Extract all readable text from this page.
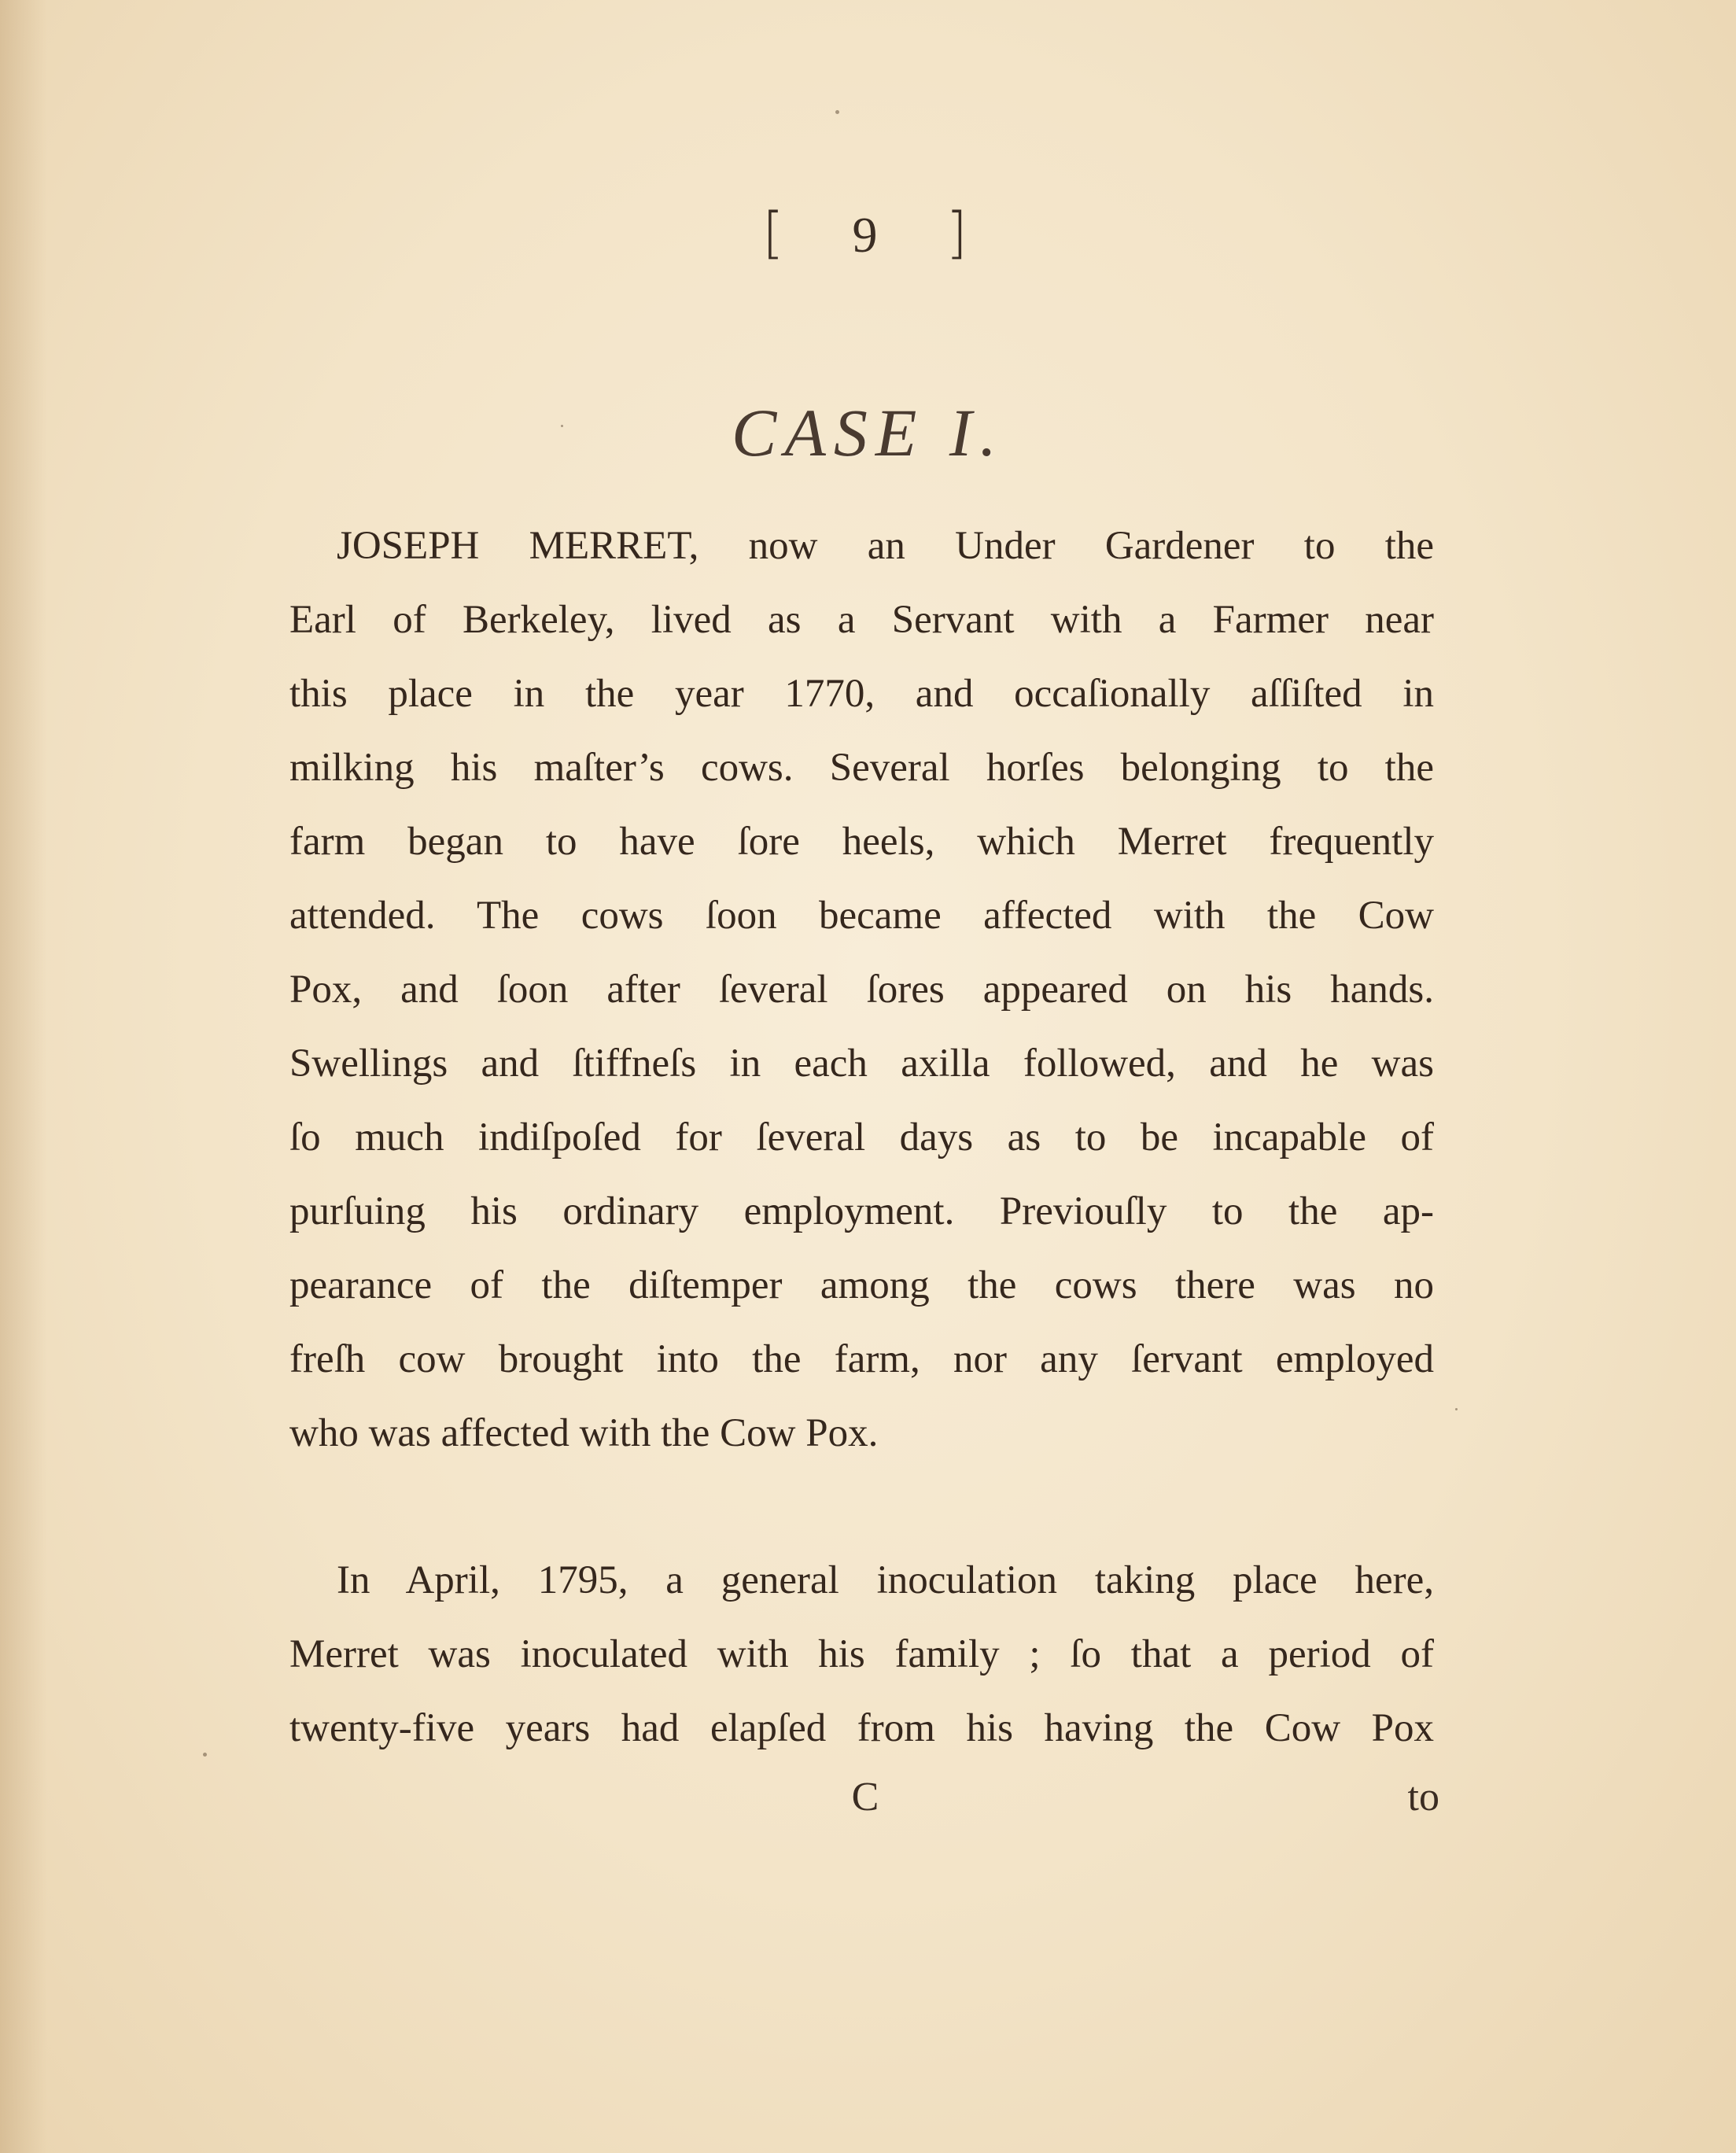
[ 9 ]
CASE I.
JOSEPH MERRET, now an Under Gardener to the
Earl of Berkeley, lived as a Servant with a Farmer near
this place in the year 1770, and occaſionally aſſiſted in
milking his maſter’s cows. Several horſes belonging to the
farm began to have ſore heels, which Merret frequently
attended. The cows ſoon became affected with the Cow
Pox, and ſoon after ſeveral ſores appeared on his hands.
Swellings and ſtiffneſs in each axilla followed, and he was
ſo much indiſpoſed for ſeveral days as to be incapable of
purſuing his ordinary employment. Previouſly to the ap-
pearance of the diſtemper among the cows there was no
freſh cow brought into the farm, nor any ſervant employed
who was affected with the Cow Pox.
In April, 1795, a general inoculation taking place here,
Merret was inoculated with his family ; ſo that a period of
twenty-five years had elapſed from his having the Cow Pox
C	to
